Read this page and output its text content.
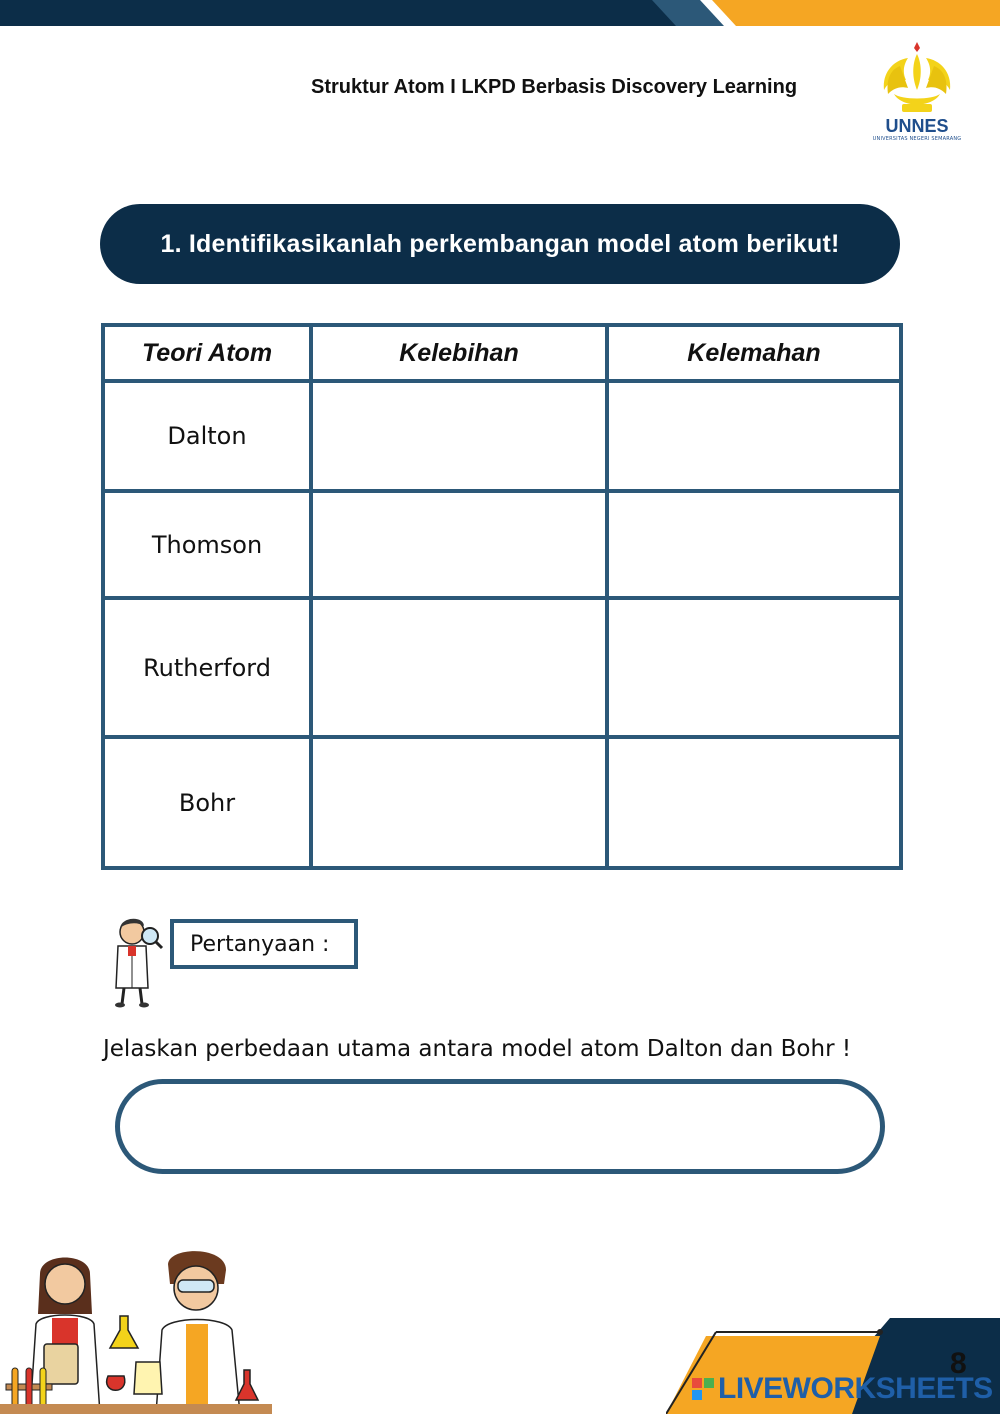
Struktur Atom I LKPD Berbasis Discovery Learning
UNNES
UNIVERSITAS NEGERI SEMARANG
1. Identifikasikanlah perkembangan model atom berikut!
Teori Atom	Kelebihan	Kelemahan
Dalton		
Thomson		
Rutherford		
Bohr		
Pertanyaan :
Jelaskan perbedaan utama antara model atom Dalton dan Bohr !
8
LIVEWORKSHEETS
